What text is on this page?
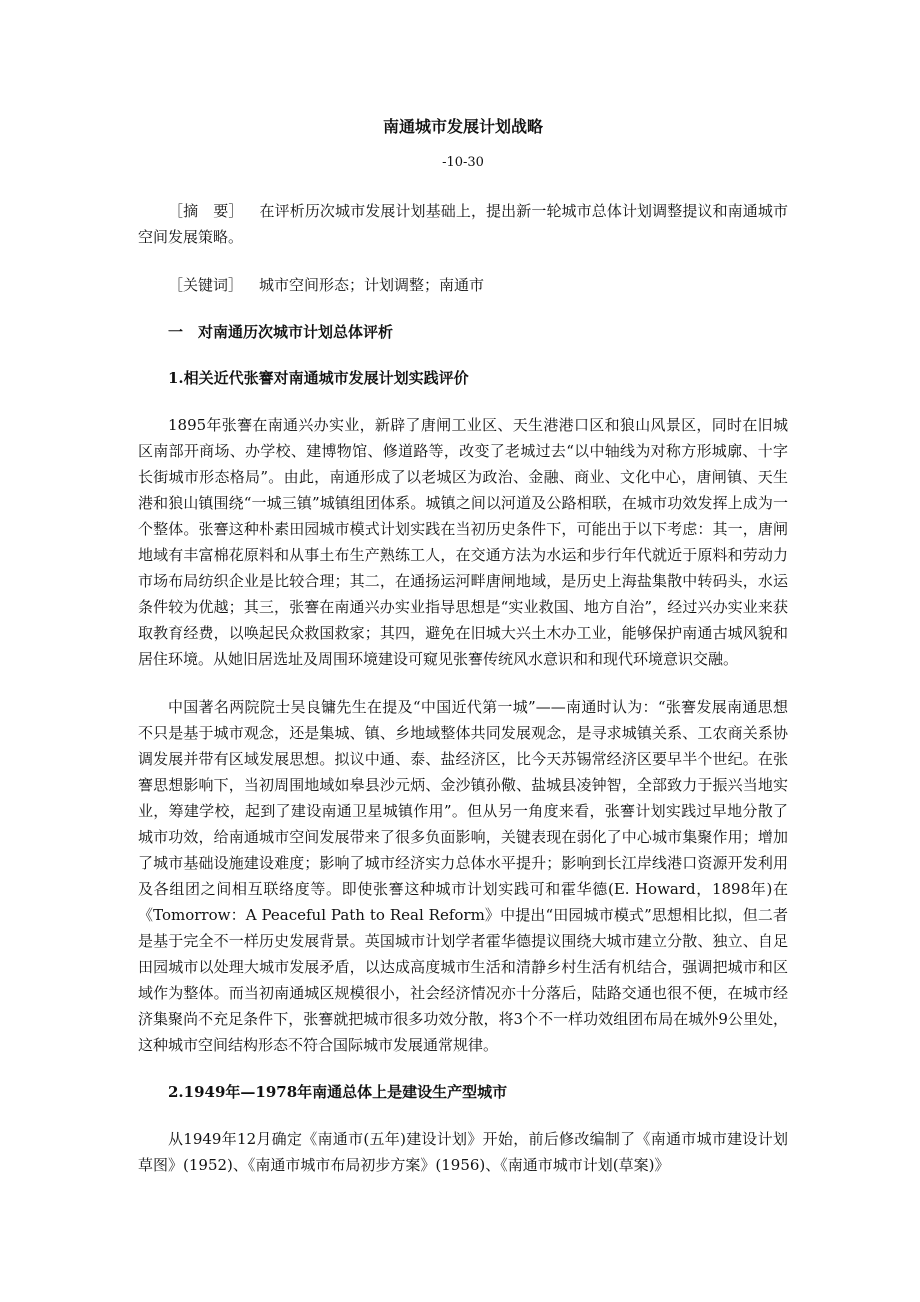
南通城市发展计划战略
-10-30
［摘　要］ 在评析历次城市发展计划基础上，提出新一轮城市总体计划调整提议和南通城市空间发展策略。
［关键词］ 城市空间形态；计划调整；南通市
一　对南通历次城市计划总体评析
1.相关近代张謇对南通城市发展计划实践评价
1895年张謇在南通兴办实业，新辟了唐闸工业区、天生港港口区和狼山风景区，同时在旧城区南部开商场、办学校、建博物馆、修道路等，改变了老城过去“以中轴线为对称方形城廓、十字长街城市形态格局”。由此，南通形成了以老城区为政治、金融、商业、文化中心，唐闸镇、天生港和狼山镇围绕“一城三镇”城镇组团体系。城镇之间以河道及公路相联，在城市功效发挥上成为一个整体。张謇这种朴素田园城市模式计划实践在当初历史条件下，可能出于以下考虑：其一，唐闸地域有丰富棉花原料和从事土布生产熟练工人，在交通方法为水运和步行年代就近于原料和劳动力市场布局纺织企业是比较合理；其二，在通扬运河畔唐闸地域，是历史上海盐集散中转码头，水运条件较为优越；其三，张謇在南通兴办实业指导思想是“实业救国、地方自治”，经过兴办实业来获取教育经费，以唤起民众救国救家；其四，避免在旧城大兴土木办工业，能够保护南通古城风貌和居住环境。从她旧居选址及周围环境建设可窥见张謇传统风水意识和和现代环境意识交融。
中国著名两院院士吴良镛先生在提及“中国近代第一城”——南通时认为：“张謇发展南通思想不只是基于城市观念，还是集城、镇、乡地域整体共同发展观念，是寻求城镇关系、工农商关系协调发展并带有区域发展思想。拟议中通、泰、盐经济区，比今天苏锡常经济区要早半个世纪。在张謇思想影响下，当初周围地域如皋县沙元炳、金沙镇孙儆、盐城县凌钟智，全部致力于振兴当地实业，筹建学校，起到了建设南通卫星城镇作用”。但从另一角度来看，张謇计划实践过早地分散了城市功效，给南通城市空间发展带来了很多负面影响，关键表现在弱化了中心城市集聚作用；增加了城市基础设施建设难度；影响了城市经济实力总体水平提升；影响到长江岸线港口资源开发利用及各组团之间相互联络度等。即使张謇这种城市计划实践可和霍华德(E. Howard，1898年)在《Tomorrow：A Peaceful Path to Real Reform》中提出“田园城市模式”思想相比拟，但二者是基于完全不一样历史发展背景。英国城市计划学者霍华德提议围绕大城市建立分散、独立、自足田园城市以处理大城市发展矛盾，以达成高度城市生活和清静乡村生活有机结合，强调把城市和区域作为整体。而当初南通城区规模很小，社会经济情况亦十分落后，陆路交通也很不便，在城市经济集聚尚不充足条件下，张謇就把城市很多功效分散，将3个不一样功效组团布局在城外9公里处，这种城市空间结构形态不符合国际城市发展通常规律。
2.1949年—1978年南通总体上是建设生产型城市
从1949年12月确定《南通市(五年)建设计划》开始，前后修改编制了《南通市城市建设计划草图》(1952)、《南通市城市布局初步方案》(1956)、《南通市城市计划(草案)》
